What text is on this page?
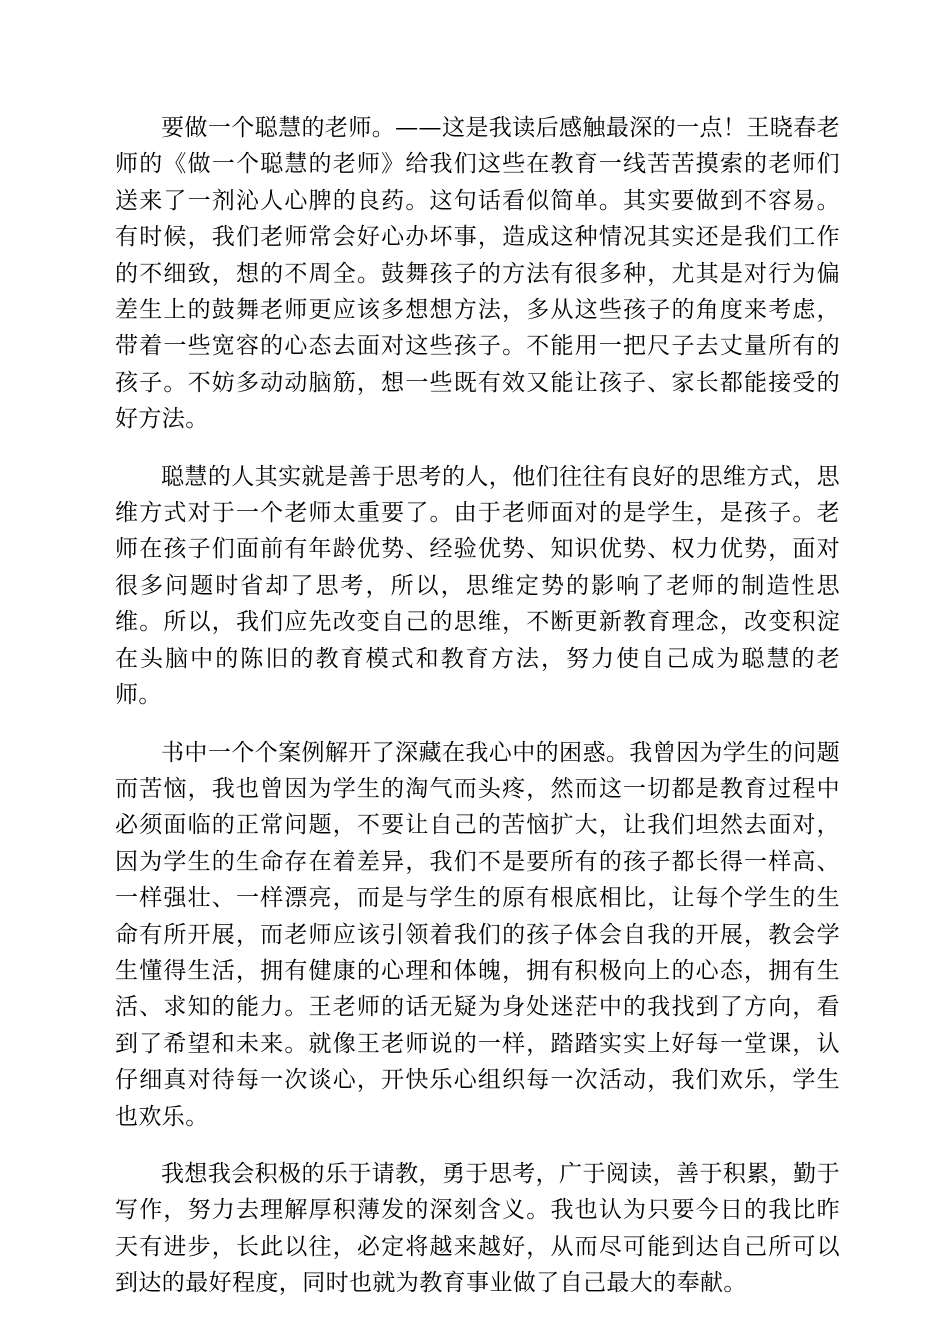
要做一个聪慧的老师。——这是我读后感触最深的一点！王晓春老师的《做一个聪慧的老师》给我们这些在教育一线苦苦摸索的老师们送来了一剂沁人心脾的良药。这句话看似简单。其实要做到不容易。有时候，我们老师常会好心办坏事，造成这种情况其实还是我们工作的不细致，想的不周全。鼓舞孩子的方法有很多种，尤其是对行为偏差生上的鼓舞老师更应该多想想方法，多从这些孩子的角度来考虑，带着一些宽容的心态去面对这些孩子。不能用一把尺子去丈量所有的孩子。不妨多动动脑筋，想一些既有效又能让孩子、家长都能接受的好方法。

聪慧的人其实就是善于思考的人，他们往往有良好的思维方式，思维方式对于一个老师太重要了。由于老师面对的是学生，是孩子。老师在孩子们面前有年龄优势、经验优势、知识优势、权力优势，面对很多问题时省却了思考，所以，思维定势的影响了老师的制造性思维。所以，我们应先改变自己的思维，不断更新教育理念，改变积淀在头脑中的陈旧的教育模式和教育方法，努力使自己成为聪慧的老师。

书中一个个案例解开了深藏在我心中的困惑。我曾因为学生的问题而苦恼，我也曾因为学生的淘气而头疼，然而这一切都是教育过程中必须面临的正常问题，不要让自己的苦恼扩大，让我们坦然去面对，因为学生的生命存在着差异，我们不是要所有的孩子都长得一样高、一样强壮、一样漂亮，而是与学生的原有根底相比，让每个学生的生命有所开展，而老师应该引领着我们的孩子体会自我的开展，教会学生懂得生活，拥有健康的心理和体魄，拥有积极向上的心态，拥有生活、求知的能力。王老师的话无疑为身处迷茫中的我找到了方向，看到了希望和未来。就像王老师说的一样，踏踏实实上好每一堂课，认仔细真对待每一次谈心，开快乐心组织每一次活动，我们欢乐，学生也欢乐。

我想我会积极的乐于请教，勇于思考，广于阅读，善于积累，勤于写作，努力去理解厚积薄发的深刻含义。我也认为只要今日的我比昨天有进步，长此以往，必定将越来越好，从而尽可能到达自己所可以到达的最好程度，同时也就为教育事业做了自己最大的奉献。
